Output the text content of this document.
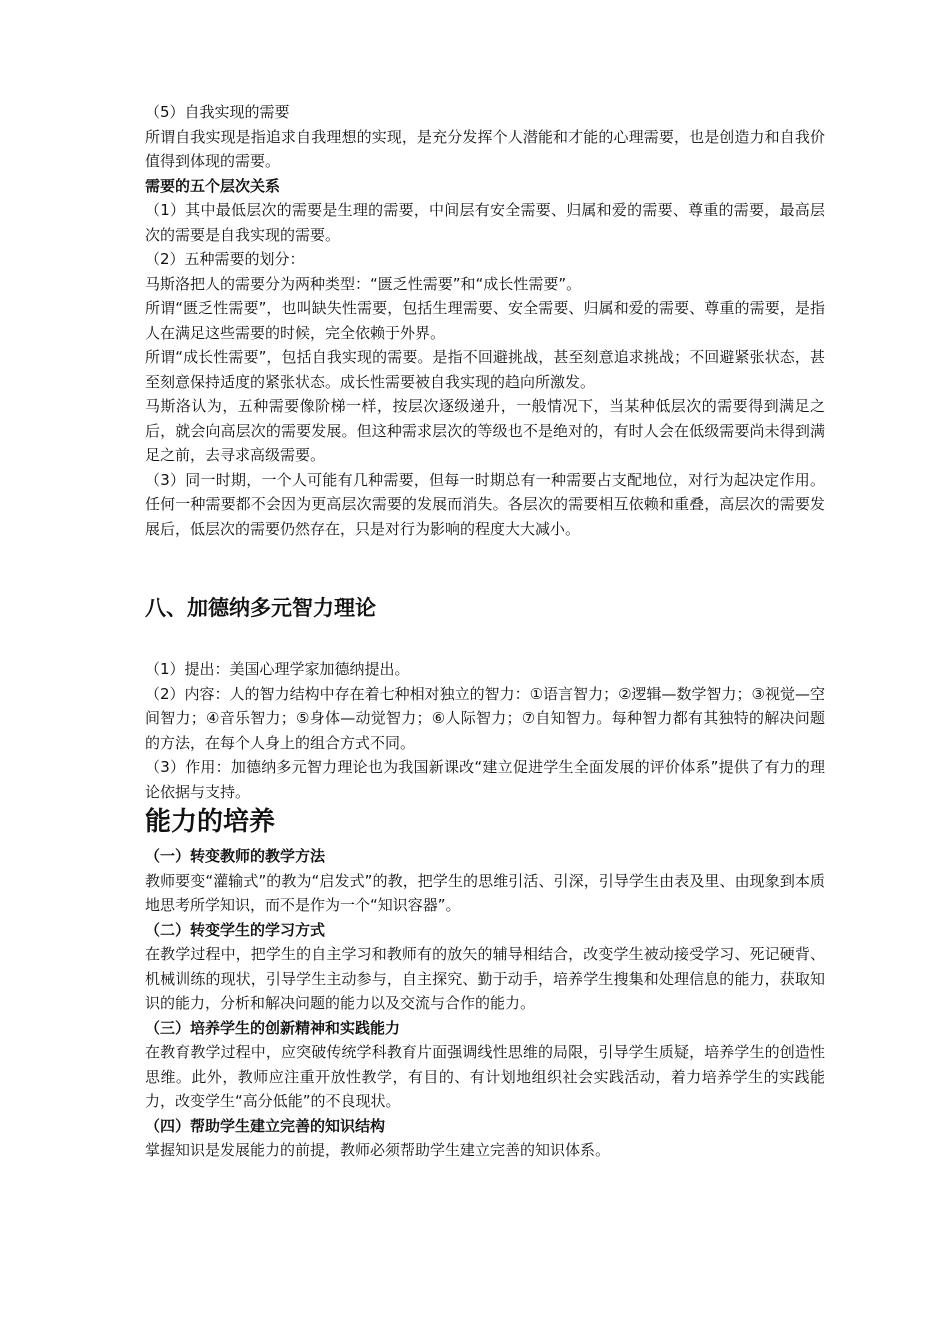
（5）自我实现的需要

所谓自我实现是指追求自我理想的实现，是充分发挥个人潜能和才能的心理需要，也是创造力和自我价值得到体现的需要。

需要的五个层次关系

（1）其中最低层次的需要是生理的需要，中间层有安全需要、归属和爱的需要、尊重的需要，最高层次的需要是自我实现的需要。

（2）五种需要的划分：

马斯洛把人的需要分为两种类型：“匮乏性需要”和“成长性需要”。

所谓“匮乏性需要”，也叫缺失性需要，包括生理需要、安全需要、归属和爱的需要、尊重的需要，是指人在满足这些需要的时候，完全依赖于外界。

所谓“成长性需要”，包括自我实现的需要。是指不回避挑战，甚至刻意追求挑战；不回避紧张状态，甚至刻意保持适度的紧张状态。成长性需要被自我实现的趋向所激发。

马斯洛认为，五种需要像阶梯一样，按层次逐级递升，一般情况下，当某种低层次的需要得到满足之后，就会向高层次的需要发展。但这种需求层次的等级也不是绝对的，有时人会在低级需要尚未得到满足之前，去寻求高级需要。

（3）同一时期，一个人可能有几种需要，但每一时期总有一种需要占支配地位，对行为起决定作用。任何一种需要都不会因为更高层次需要的发展而消失。各层次的需要相互依赖和重叠，高层次的需要发展后，低层次的需要仍然存在，只是对行为影响的程度大大减小。

八、加德纳多元智力理论

（1）提出：美国心理学家加德纳提出。

（2）内容：人的智力结构中存在着七种相对独立的智力：①语言智力；②逻辑—数学智力；③视觉—空间智力；④音乐智力；⑤身体—动觉智力；⑥人际智力；⑦自知智力。每种智力都有其独特的解决问题的方法，在每个人身上的组合方式不同。

（3）作用：加德纳多元智力理论也为我国新课改“建立促进学生全面发展的评价体系”提供了有力的理论依据与支持。

能力的培养

（一）转变教师的教学方法

教师要变“灌输式”的教为“启发式”的教，把学生的思维引活、引深，引导学生由表及里、由现象到本质地思考所学知识，而不是作为一个“知识容器”。

（二）转变学生的学习方式

在教学过程中，把学生的自主学习和教师有的放矢的辅导相结合，改变学生被动接受学习、死记硬背、机械训练的现状，引导学生主动参与，自主探究、勤于动手，培养学生搜集和处理信息的能力，获取知识的能力，分析和解决问题的能力以及交流与合作的能力。

（三）培养学生的创新精神和实践能力

在教育教学过程中，应突破传统学科教育片面强调线性思维的局限，引导学生质疑，培养学生的创造性思维。此外，教师应注重开放性教学，有目的、有计划地组织社会实践活动，着力培养学生的实践能力，改变学生“高分低能”的不良现状。

（四）帮助学生建立完善的知识结构

掌握知识是发展能力的前提，教师必须帮助学生建立完善的知识体系。
